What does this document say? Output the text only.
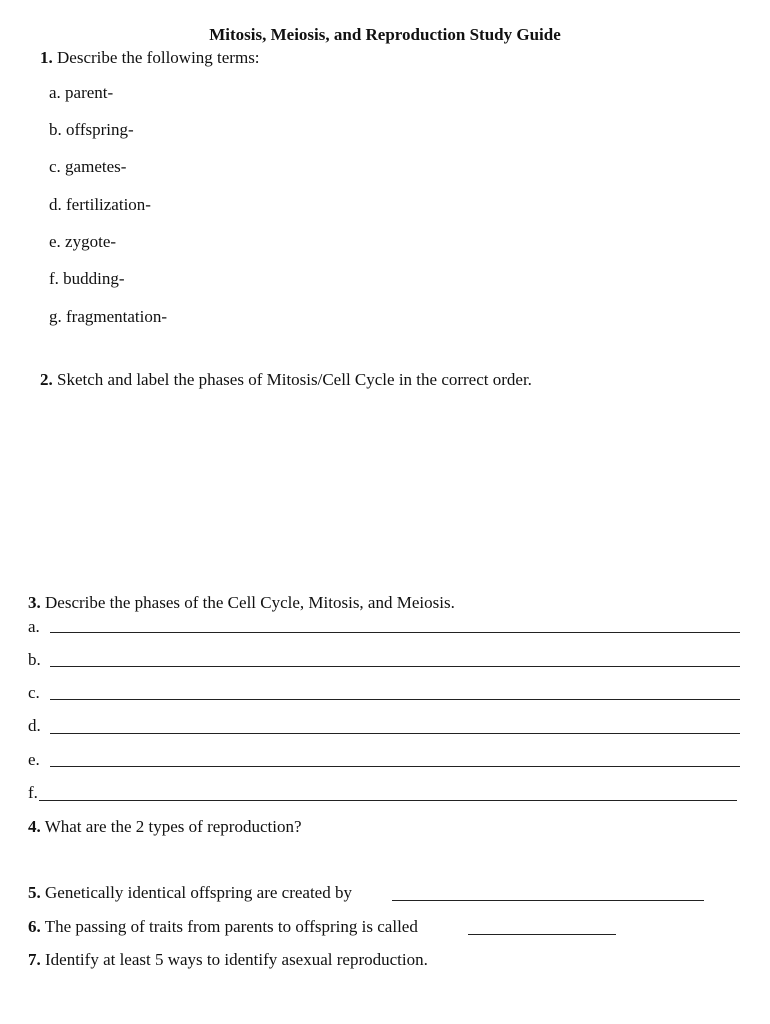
Mitosis, Meiosis, and Reproduction Study Guide
1. Describe the following terms:
a. parent-
b. offspring-
c. gametes-
d. fertilization-
e. zygote-
f. budding-
g. fragmentation-
2. Sketch and label the phases of Mitosis/Cell Cycle in the correct order.
3. Describe the phases of the Cell Cycle, Mitosis, and Meiosis.
a.
b.
c.
d.
e.
f.
4. What are the 2 types of reproduction?
5. Genetically identical offspring are created by
6. The passing of traits from parents to offspring is called
7. Identify at least 5 ways to identify asexual reproduction.
